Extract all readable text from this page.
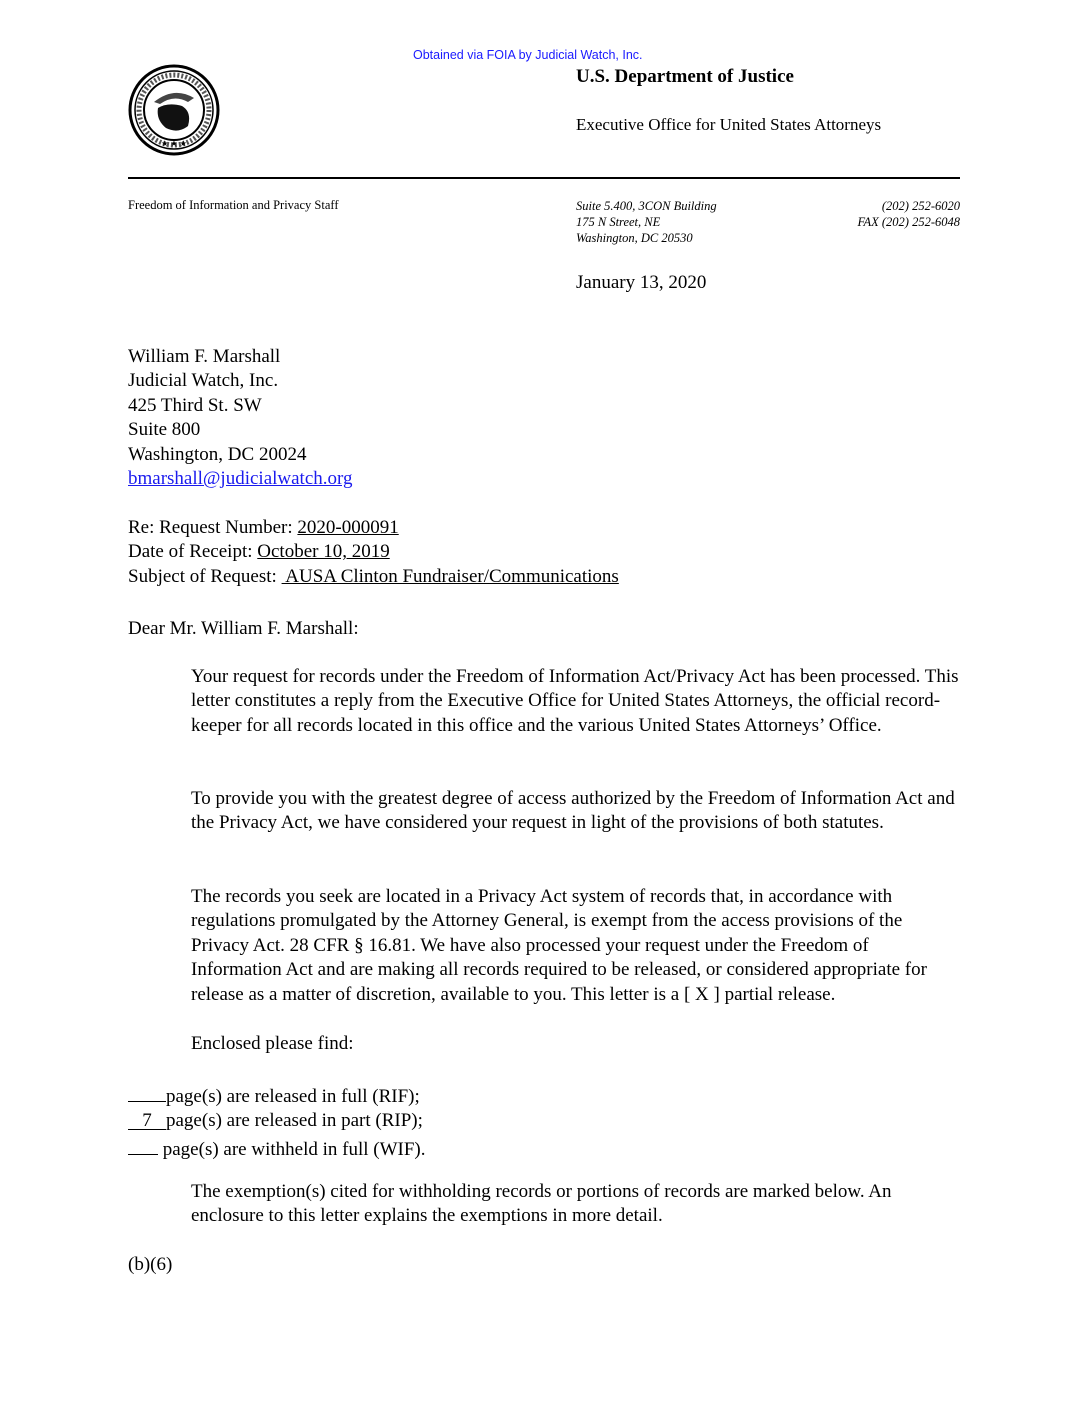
Obtained via FOIA by Judicial Watch, Inc.
★ ★ ★
U.S. Department of Justice
Executive Office for United States Attorneys
Freedom of Information and Privacy Staff	Suite 5.400, 3CON Building
175 N Street, NE
Washington, DC 20530
(202) 252-6020
FAX (202) 252-6048
January 13, 2020
William F. Marshall
Judicial Watch, Inc.
425 Third St. SW
Suite 800
Washington, DC 20024
bmarshall@judicialwatch.org
Re: Request Number: 2020-000091
Date of Receipt: October 10, 2019
Subject of Request:  AUSA Clinton Fundraiser/Communications
Dear Mr. William F. Marshall:

Your request for records under the Freedom of Information Act/Privacy Act has been processed. This letter constitutes a reply from the Executive Office for United States Attorneys, the official record-keeper for all records located in this office and the various United States Attorneys’ Office.

To provide you with the greatest degree of access authorized by the Freedom of Information Act and the Privacy Act, we have considered your request in light of the provisions of both statutes.

The records you seek are located in a Privacy Act system of records that, in accordance with regulations promulgated by the Attorney General, is exempt from the access provisions of the Privacy Act. 28 CFR § 16.81. We have also processed your request under the Freedom of Information Act and are making all records required to be released, or considered appropriate for release as a matter of discretion, available to you. This letter is a [ X ] partial release.

Enclosed please find:

page(s) are released in full (RIF);
7 page(s) are released in part (RIP);
page(s) are withheld in full (WIF).

The exemption(s) cited for withholding records or portions of records are marked below. An enclosure to this letter explains the exemptions in more detail.

(b)(6)
